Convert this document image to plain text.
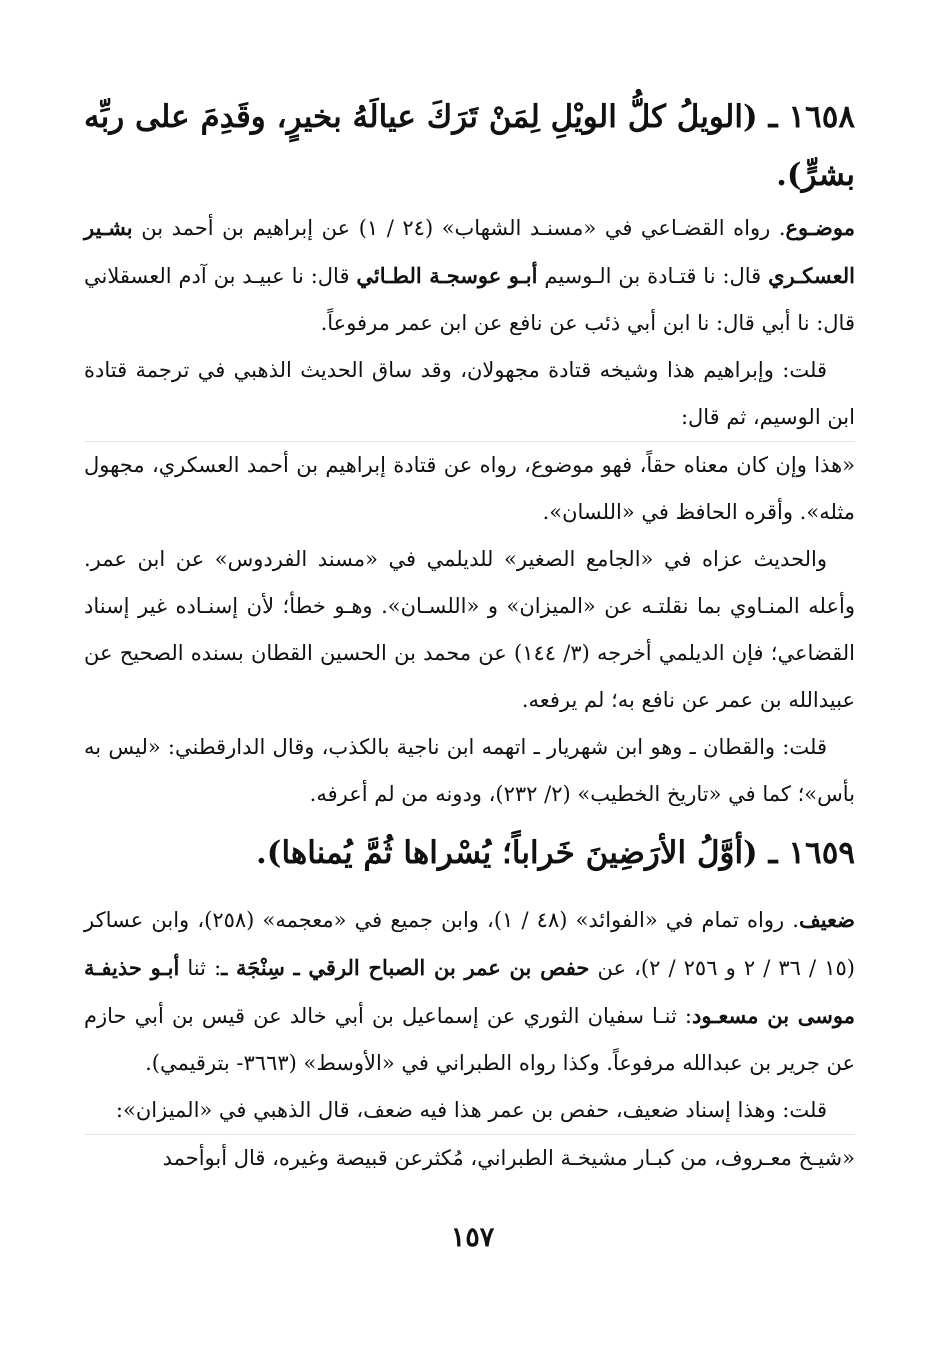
١٦٥٨ ـ (الويلُ كلُّ الويْلِ لِمَنْ تَرَكَ عيالَهُ بخيرٍ، وقَدِمَ على ربِّه بشرٍّ).

موضـوع. رواه القضـاعي في «مسنـد الشهاب» (٢٤ / ١) عن إبراهيم بن أحمد بن بشـير العسكـري قال: نا قتـادة بن الـوسيم أبـو عوسجـة الطـائي قال: نا عبيـد بن آدم العسقلاني قال: نا أبي قال: نا ابن أبي ذئب عن نافع عن ابن عمر مرفوعاً.

قلت: وإبراهيم هذا وشيخه قتادة مجهولان، وقد ساق الحديث الذهبي في ترجمة قتادة ابن الوسيم، ثم قال:

«هذا وإن كان معناه حقاً، فهو موضوع، رواه عن قتادة إبراهيم بن أحمد العسكري، مجهول مثله». وأقره الحافظ في «اللسان».

والحديث عزاه في «الجامع الصغير» للديلمي في «مسند الفردوس» عن ابن عمر. وأعله المنـاوي بما نقلتـه عن «الميزان» و «اللسـان». وهـو خطأ؛ لأن إسنـاده غير إسناد القضاعي؛ فإن الديلمي أخرجه (٣/ ١٤٤) عن محمد بن الحسين القطان بسنده الصحيح عن عبيدالله بن عمر عن نافع به؛ لم يرفعه.

قلت: والقطان ـ وهو ابن شهريار ـ اتهمه ابن ناجية بالكذب، وقال الدارقطني: «ليس به بأس»؛ كما في «تاريخ الخطيب» (٢/ ٢٣٢)، ودونه من لم أعرفه.

١٦٥٩ ـ (أوَّلُ الأرَضِينَ خَراباً؛ يُسْراها ثُمَّ يُمناها).

ضعيف. رواه تمام في «الفوائد» (٤٨ / ١)، وابن جميع في «معجمه» (٢٥٨)، وابن عساكر (١٥ / ٣٦ / ٢ و ٢٥٦ / ٢)، عن حفص بن عمر بن الصباح الرقي ـ سِنْجَة ـ: ثنا أبـو حذيفـة موسى بن مسعـود: ثنـا سفيان الثوري عن إسماعيل بن أبي خالد عن قيس بن أبي حازم عن جرير بن عبدالله مرفوعاً. وكذا رواه الطبراني في «الأوسط» (٣٦٦٣- بترقيمي).

قلت: وهذا إسناد ضعيف، حفص بن عمر هذا فيه ضعف، قال الذهبي في «الميزان»:

«شيـخ معـروف، من كبـار مشيخـة الطبراني، مُكثرعن قبيصة وغيره، قال أبوأحمد

١٥٧
